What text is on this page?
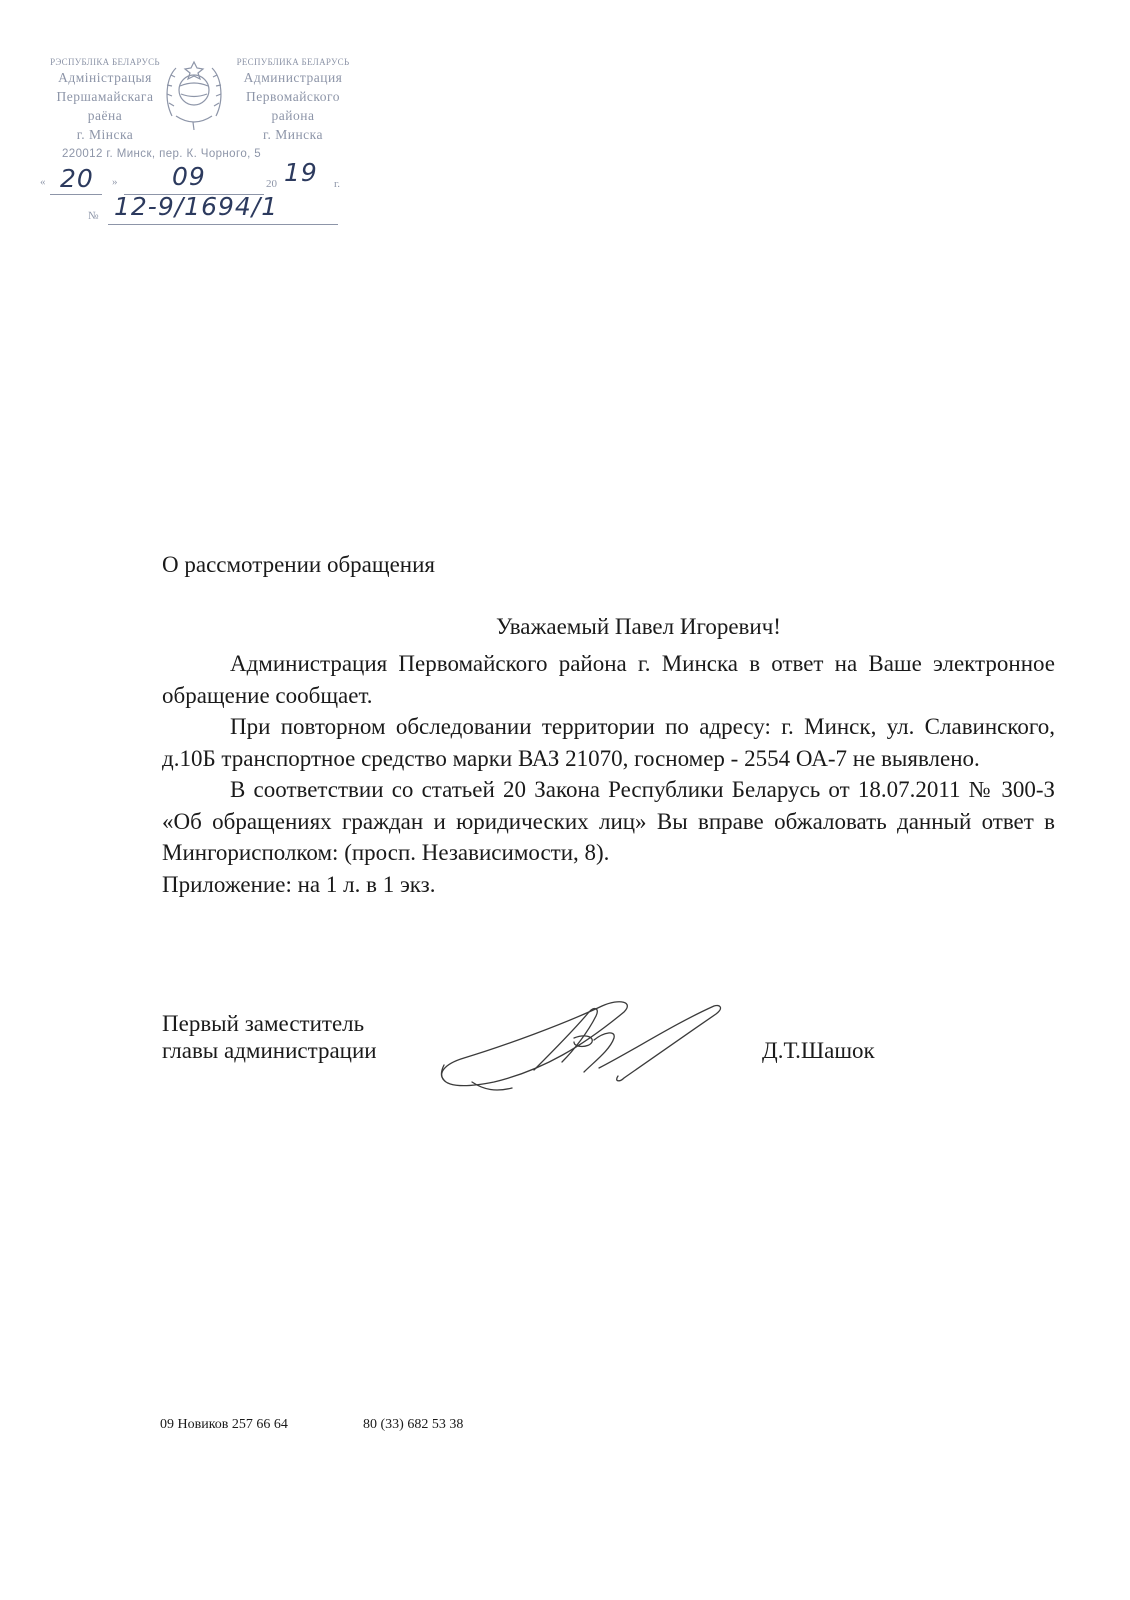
РЭСПУБЛІКА БЕЛАРУСЬ
Адміністрацыя
Першамайскага
раёна
г. Мінска
РЕСПУБЛИКА БЕЛАРУСЬ
Администрация
Первомайского
района
г. Минска
220012 г. Минск, пер. К. Чорного, 5
« 20 » 09	20 19 г.
№ 12-9/1694/1
О рассмотрении обращения
Уважаемый Павел Игоревич!

Администрация Первомайского района г. Минска в ответ на Ваше электронное обращение сообщает.

При повторном обследовании территории по адресу: г. Минск, ул. Славинского, д.10Б транспортное средство марки ВАЗ 21070, госномер - 2554 ОА-7 не выявлено.

В соответствии со статьей 20 Закона Республики Беларусь от 18.07.2011 № 300-З «Об обращениях граждан и юридических лиц» Вы вправе обжаловать данный ответ в Мингорисполком: (просп. Независимости, 8).

Приложение: на 1 л. в 1 экз.

Первый заместитель
главы администрации	Д.Т.Шашок
09 Новиков 257 66 64	80 (33) 682 53 38
